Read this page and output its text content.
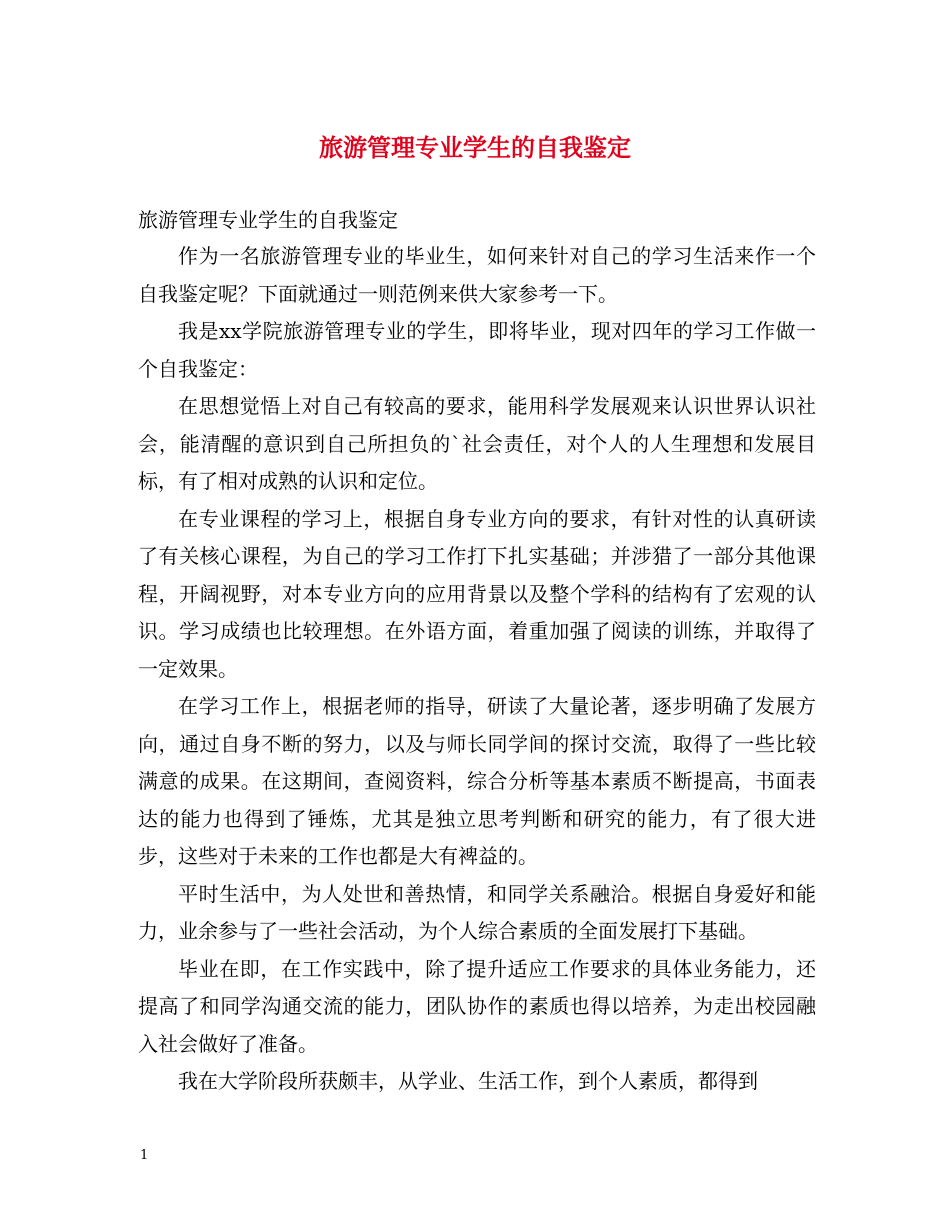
旅游管理专业学生的自我鉴定

旅游管理专业学生的自我鉴定

作为一名旅游管理专业的毕业生，如何来针对自己的学习生活来作一个自我鉴定呢？下面就通过一则范例来供大家参考一下。

我是xx学院旅游管理专业的学生，即将毕业，现对四年的学习工作做一个自我鉴定：

在思想觉悟上对自己有较高的要求，能用科学发展观来认识世界认识社会，能清醒的意识到自己所担负的`社会责任，对个人的人生理想和发展目标，有了相对成熟的认识和定位。

在专业课程的学习上，根据自身专业方向的要求，有针对性的认真研读了有关核心课程，为自己的学习工作打下扎实基础；并涉猎了一部分其他课程，开阔视野，对本专业方向的应用背景以及整个学科的结构有了宏观的认识。学习成绩也比较理想。在外语方面，着重加强了阅读的训练，并取得了一定效果。

在学习工作上，根据老师的指导，研读了大量论著，逐步明确了发展方向，通过自身不断的努力，以及与师长同学间的探讨交流，取得了一些比较满意的成果。在这期间，查阅资料，综合分析等基本素质不断提高，书面表达的能力也得到了锤炼，尤其是独立思考判断和研究的能力，有了很大进步，这些对于未来的工作也都是大有裨益的。

平时生活中，为人处世和善热情，和同学关系融洽。根据自身爱好和能力，业余参与了一些社会活动，为个人综合素质的全面发展打下基础。

毕业在即，在工作实践中，除了提升适应工作要求的具体业务能力，还提高了和同学沟通交流的能力，团队协作的素质也得以培养，为走出校园融入社会做好了准备。

我在大学阶段所获颇丰，从学业、生活工作，到个人素质，都得到

1
